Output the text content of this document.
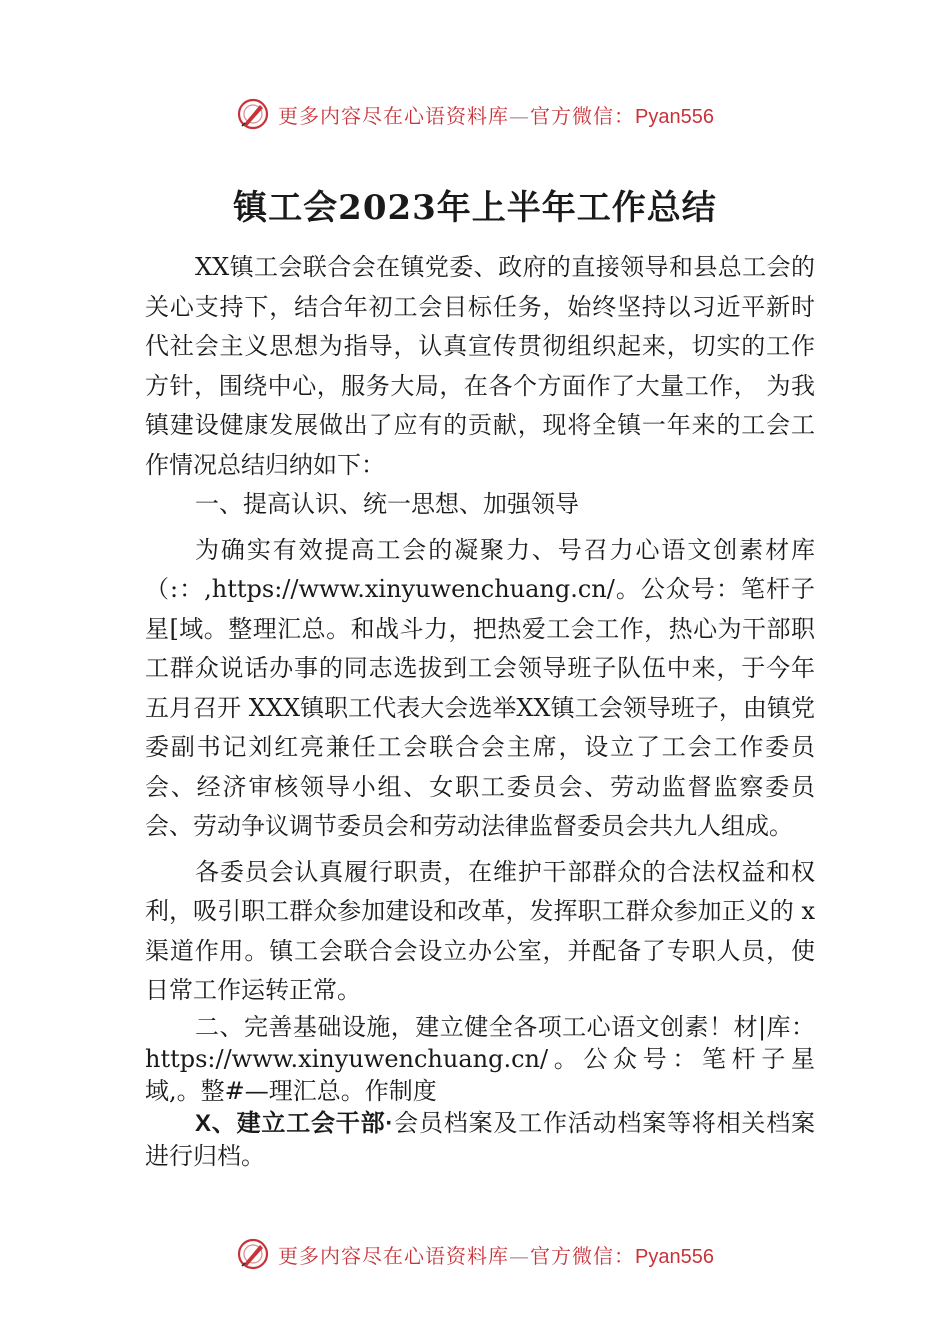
更多内容尽在心语资料库—官方微信：Pyan556
镇工会2023年上半年工作总结

XX镇工会联合会在镇党委、政府的直接领导和县总工会的关心支持下，结合年初工会目标任务，始终坚持以习近平新时代社会主义思想为指导，认真宣传贯彻组织起来，切实的工作方针，围绕中心，服务大局，在各个方面作了大量工作， 为我镇建设健康发展做出了应有的贡献，现将全镇一年来的工会工作情况总结归纳如下：

一、提高认识、统一思想、加强领导

为确实有效提高工会的凝聚力、号召力心语文创素材库（:：,https://www.xinyuwenchuang.cn/。公众号：笔杆子星[域。整理汇总。和战斗力，把热爱工会工作，热心为干部职工群众说话办事的同志选拔到工会领导班子队伍中来，于今年五月召开 XXX镇职工代表大会选举XX镇工会领导班子，由镇党委副书记刘红亮兼任工会联合会主席，设立了工会工作委员会、经济审核领导小组、女职工委员会、劳动监督监察委员会、劳动争议调节委员会和劳动法律监督委员会共九人组成。

各委员会认真履行职责，在维护干部群众的合法权益和权利，吸引职工群众参加建设和改革，发挥职工群众参加正义的 x渠道作用。镇工会联合会设立办公室，并配备了专职人员，使日常工作运转正常。

二、完善基础设施，建立健全各项工心语文创素！材|库：https://www.xinyuwenchuang.cn/。公众号：笔杆子星域,。整#—理汇总。作制度

X、建立工会干部·会员档案及工作活动档案等将相关档案进行归档。

更多内容尽在心语资料库—官方微信：Pyan556
